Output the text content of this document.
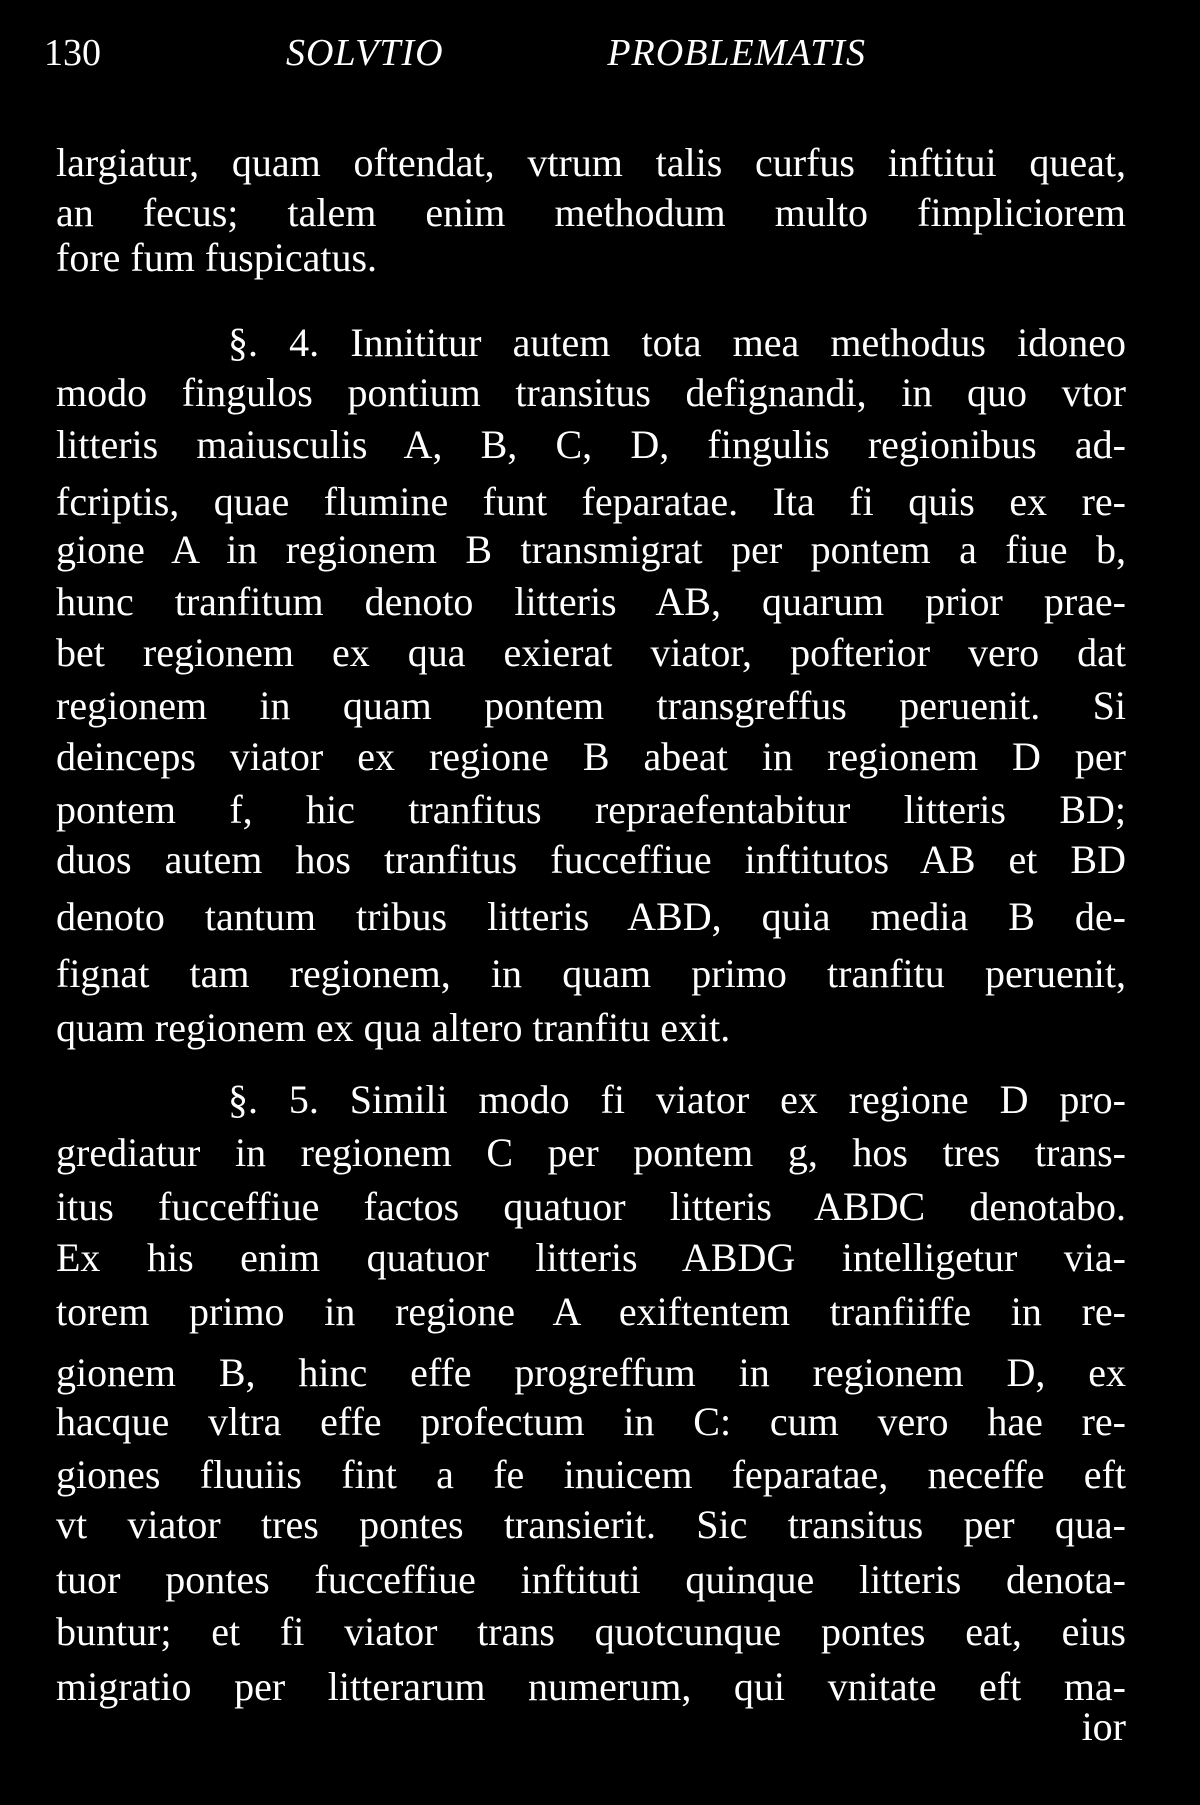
130	SOLVTIO PROBLEMATIS
largiatur, quam oftendat, vtrum talis curfus inftitui queat,
an fecus; talem enim methodum multo fimpliciorem
fore fum fuspicatus.
§. 4. Innititur autem tota mea methodus idoneo
modo fingulos pontium transitus defignandi, in quo vtor
litteris maiusculis A, B, C, D, fingulis regionibus ad-
fcriptis, quae flumine funt feparatae. Ita fi quis ex re-
gione A in regionem B transmigrat per pontem a fiue b,
hunc tranfitum denoto litteris AB, quarum prior prae-
bet regionem ex qua exierat viator, pofterior vero dat
regionem in quam pontem transgreffus peruenit. Si
deinceps viator ex regione B abeat in regionem D per
pontem f, hic tranfitus repraefentabitur litteris BD;
duos autem hos tranfitus fucceffiue inftitutos AB et BD
denoto tantum tribus litteris ABD, quia media B de-
fignat tam regionem, in quam primo tranfitu peruenit,
quam regionem ex qua altero tranfitu exit.
§. 5. Simili modo fi viator ex regione D pro-
grediatur in regionem C per pontem g, hos tres trans-
itus fucceffiue factos quatuor litteris ABDC denotabo.
Ex his enim quatuor litteris ABDG intelligetur via-
torem primo in regione A exiftentem tranfiiffe in re-
gionem B, hinc effe progreffum in regionem D, ex
hacque vltra effe profectum in C: cum vero hae re-
giones fluuiis fint a fe inuicem feparatae, neceffe eft
vt viator tres pontes transierit. Sic transitus per qua-
tuor pontes fucceffiue inftituti quinque litteris denota-
buntur; et fi viator trans quotcunque pontes eat, eius
migratio per litterarum numerum, qui vnitate eft ma-
ior
